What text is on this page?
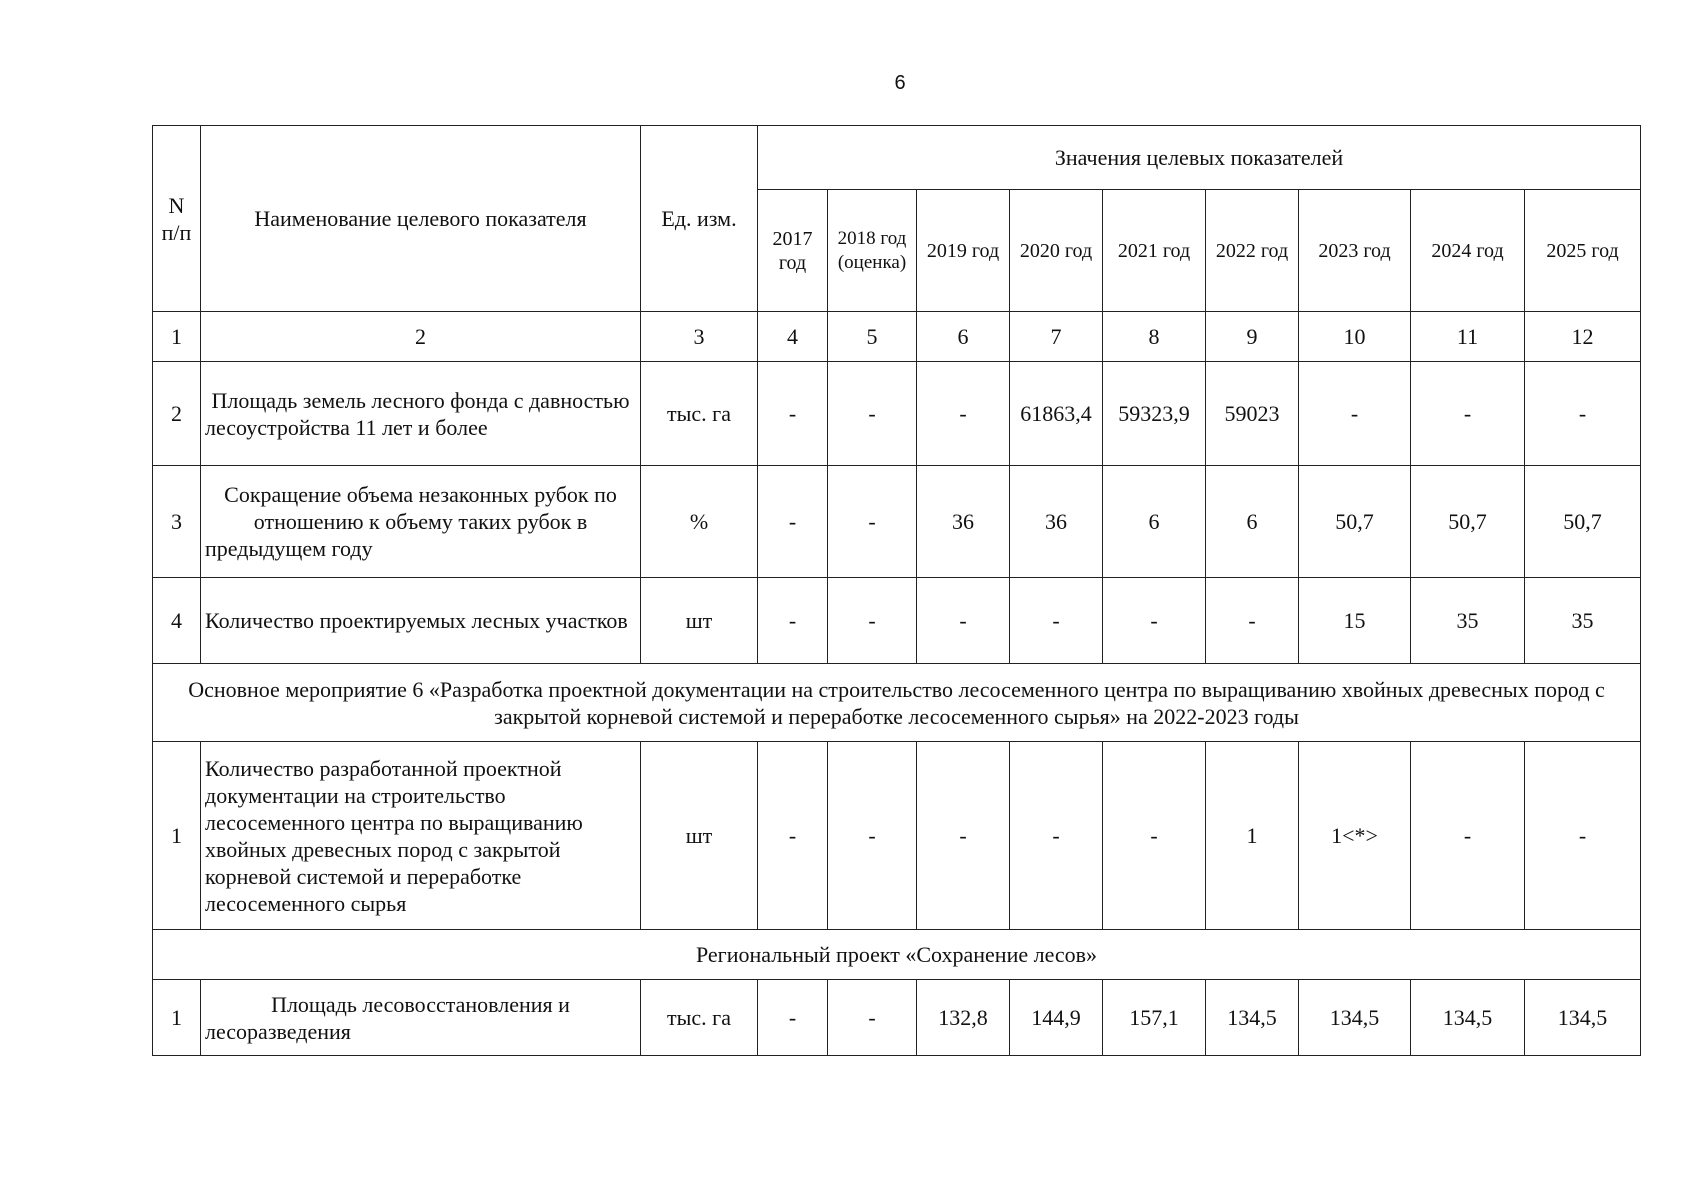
6
N п/п	Наименование целевого показателя	Ед. изм.	Значения целевых показателей								
			2017 год	2018 год (оценка)	2019 год	2020 год	2021 год	2022 год	2023 год	2024 год	2025 год
1	2	3	4	5	6	7	8	9	10	11	12
2	Площадь земель лесного фонда с давностью лесоустройства 11 лет и более	тыс. га	-	-	-	61863,4	59323,9	59023	-	-	-
3	Сокращение объема незаконных рубок по отношению к объему таких рубок в предыдущем году	%	-	-	36	36	6	6	50,7	50,7	50,7
4	Количество проектируемых лесных участков	шт	-	-	-	-	-	-	15	35	35
Основное мероприятие 6 «Разработка проектной документации на строительство лесосеменного центра по выращиванию хвойных древесных пород с закрытой корневой системой и переработке лесосеменного сырья» на 2022-2023 годы											
1	Количество разработанной проектной документации на строительство лесосеменного центра по выращиванию хвойных древесных пород с закрытой корневой системой и переработке лесосеменного сырья	шт	-	-	-	-	-	1	1<*>	-	-
Региональный проект «Сохранение лесов»											
1	Площадь лесовосстановления и лесоразведения	тыс. га	-	-	132,8	144,9	157,1	134,5	134,5	134,5	134,5
